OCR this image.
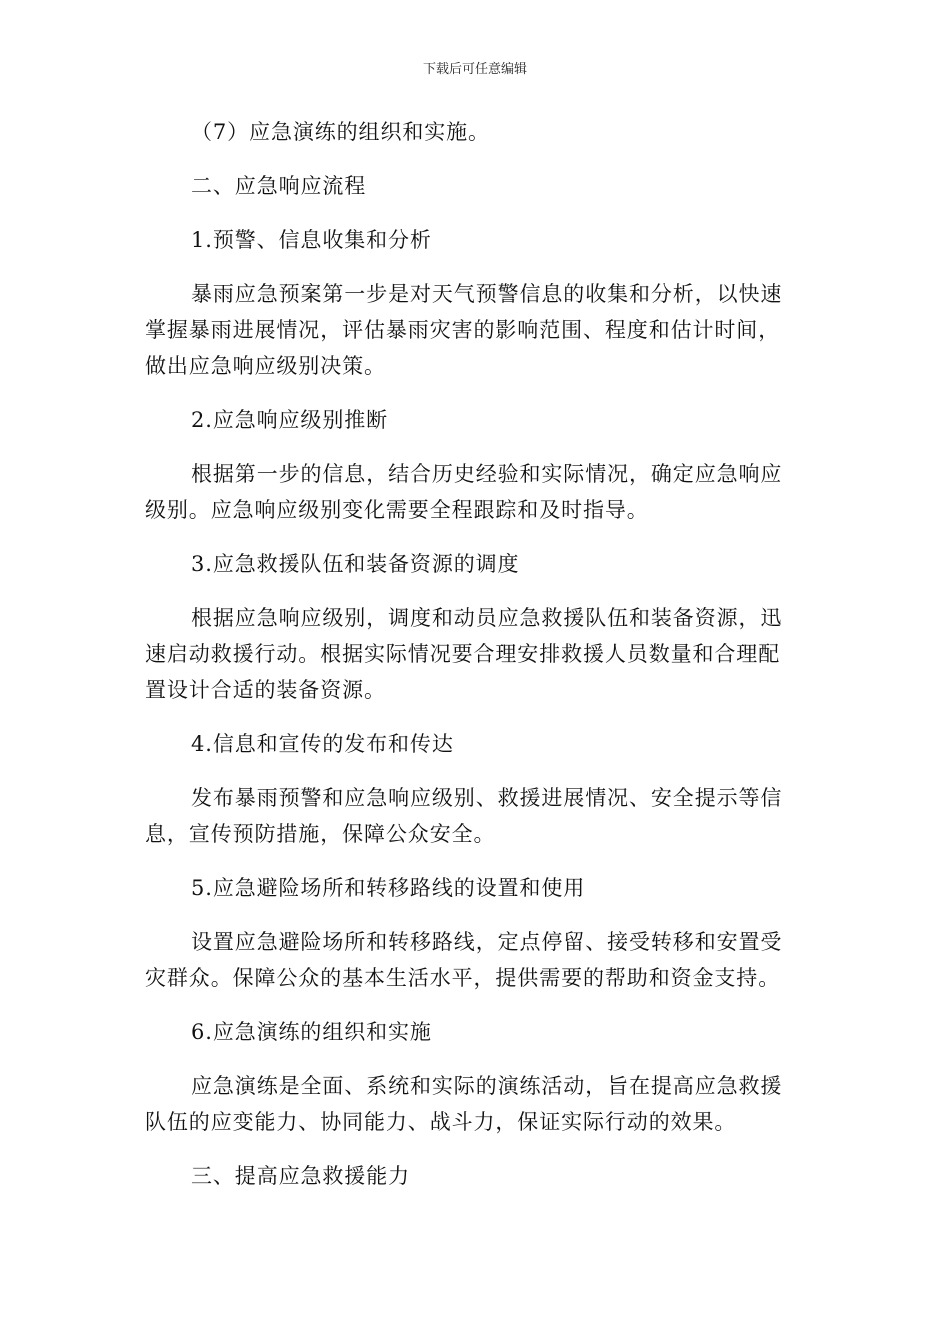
下载后可任意编辑

（7）应急演练的组织和实施。

二、应急响应流程

1.预警、信息收集和分析

暴雨应急预案第一步是对天气预警信息的收集和分析，以快速掌握暴雨进展情况，评估暴雨灾害的影响范围、程度和估计时间，做出应急响应级别决策。

2.应急响应级别推断

根据第一步的信息，结合历史经验和实际情况，确定应急响应级别。应急响应级别变化需要全程跟踪和及时指导。

3.应急救援队伍和装备资源的调度

根据应急响应级别，调度和动员应急救援队伍和装备资源，迅速启动救援行动。根据实际情况要合理安排救援人员数量和合理配置设计合适的装备资源。

4.信息和宣传的发布和传达

发布暴雨预警和应急响应级别、救援进展情况、安全提示等信息，宣传预防措施，保障公众安全。

5.应急避险场所和转移路线的设置和使用

设置应急避险场所和转移路线，定点停留、接受转移和安置受灾群众。保障公众的基本生活水平，提供需要的帮助和资金支持。

6.应急演练的组织和实施

应急演练是全面、系统和实际的演练活动，旨在提高应急救援队伍的应变能力、协同能力、战斗力，保证实际行动的效果。

三、提高应急救援能力
